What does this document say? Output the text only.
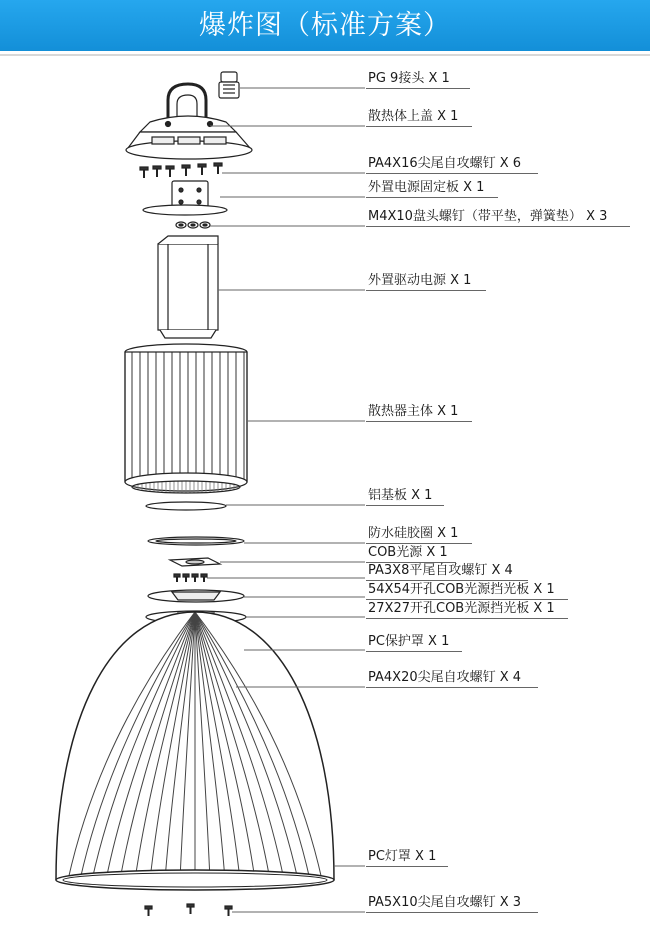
爆炸图（标准方案）
PG 9接头 X 1
散热体上盖 X 1
PA4X16尖尾自攻螺钉 X 6
外置电源固定板 X 1
M4X10盘头螺钉（带平垫，弹簧垫） X 3
外置驱动电源 X 1
散热器主体 X 1
铝基板 X 1
防水硅胶圈 X 1
COB光源 X 1
PA3X8平尾自攻螺钉 X 4
54X54开孔COB光源挡光板 X 1
27X27开孔COB光源挡光板 X 1
PC保护罩 X 1
PA4X20尖尾自攻螺钉 X 4
PC灯罩 X 1
PA5X10尖尾自攻螺钉 X 3
